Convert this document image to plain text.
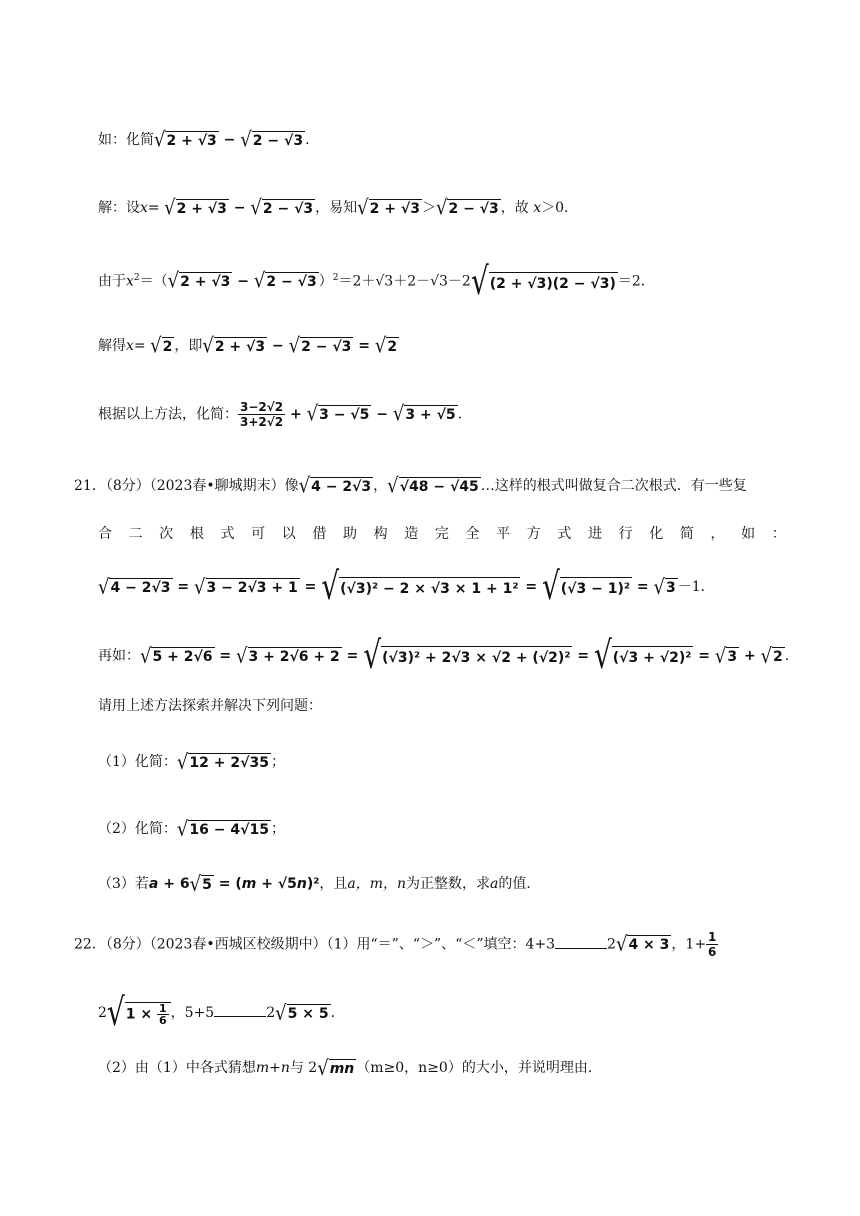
如：化简 √ 2 + √3 − √ 2 − √3 .
解：设x= √ 2 + √3 − √ 2 − √3 ，易知 √ 2 + √3 ＞ √ 2 − √3 ，故 x＞0．
由于$x^2=$（ √ 2 + √3 − √ 2 − √3 ）$^2$＝2＋√3＋2－√3－2 √ (2 + √3)(2 − √3) ＝2．
解得x= √ 2 ，即 √ 2 + √3 − √ 2 − √3 = √ 2
根据以上方法，化简： $\frac{3-2√2}{3+2√2}$ + √ 3 − √5 − √ 3 + √5 .
21．（8分）（2023春•聊城期末）像 √ 4 − 2√3 ， √ √48 − √45 …这样的根式叫做复合二次根式．有一些复
合 二 次 根 式 可 以 借 助 构 造 完 全 平 方 式 进 行 化 简 ， 如 ：
√ 4 − 2√3 = √ 3 − 2√3 + 1 = √ (√3)² − 2 × √3 × 1 + 1² = √ (√3 − 1)² = √ 3 －1．
再如： √ 5 + 2√6 = √ 3 + 2√6 + 2 = √ (√3)² + 2√3 × √2 + (√2)² = √ (√3 + √2)² = √ 3 + √ 2 .
请用上述方法探索并解决下列问题：
（1）化简： √ 12 + 2√35 ；
（2）化简： √ 16 − 4√15 ；
（3）若a + 6 √ 5 = (m + √5n)²，且a，m，n为正整数，求a的值．
22．（8分）（2023春•西城区校级期中）（1）用“＝”、“＞”、“＜”填空：4+3	2 √ 4 × 3 ，$1+ \frac{1}{6}$
2 √ $1 \times \frac{1}{6}$ ，5+5	2 √ 5 × 5 ．
（2）由（1）中各式猜想m+n与 2 √ mn （m≥0，n≥0）的大小，并说明理由．
